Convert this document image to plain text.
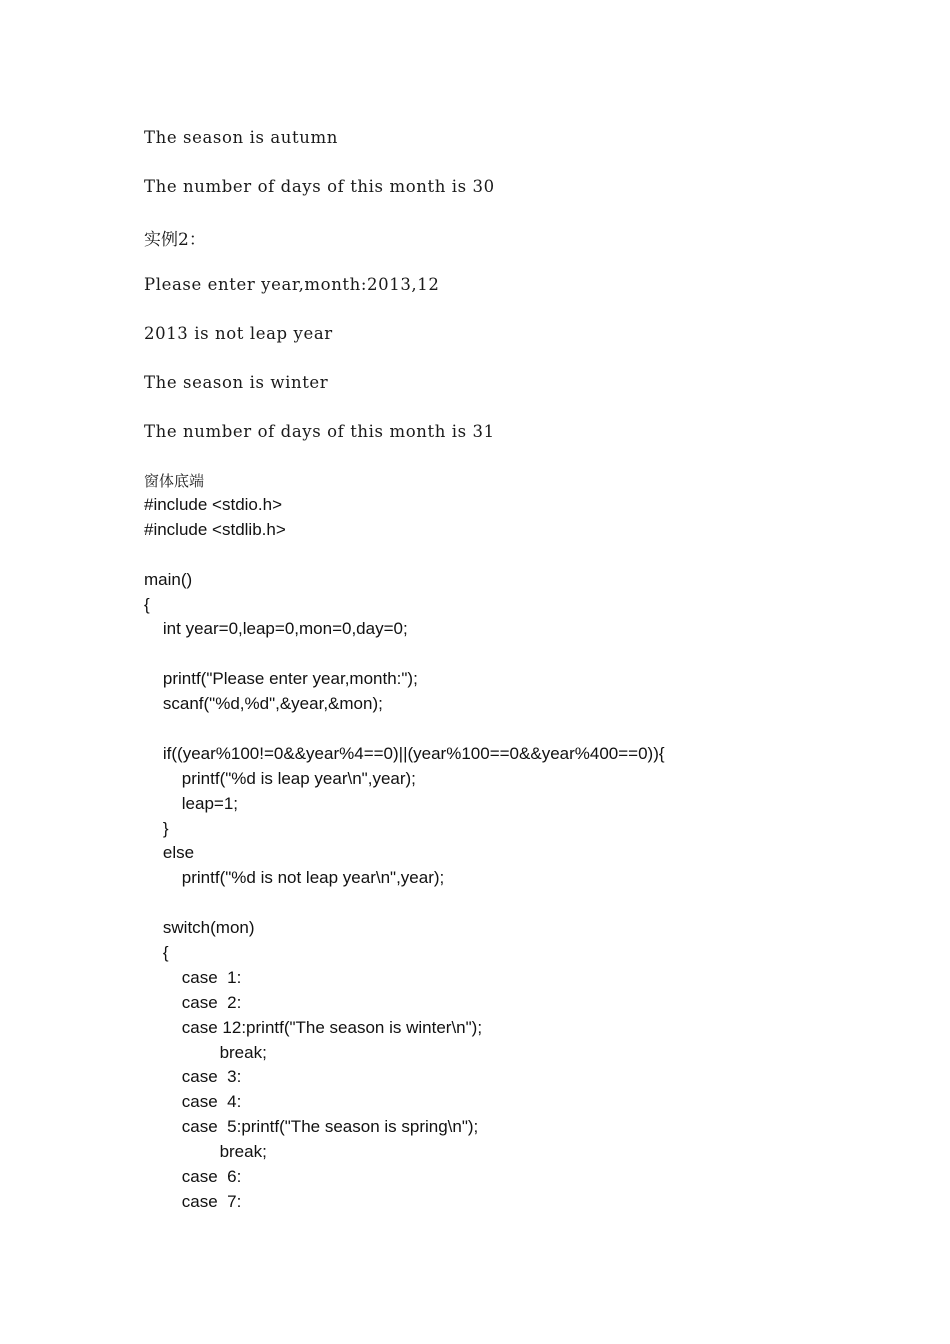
The season is autumn
The number of days of this month is 30
实例2：
Please enter year,month:2013,12
2013 is not leap year
The season is winter
The number of days of this month is 31
窗体底端
#include <stdio.h>
#include <stdlib.h>
main()
{
int year=0,leap=0,mon=0,day=0;
printf("Please enter year,month:");
scanf("%d,%d",&year,&mon);
if((year%100!=0&&year%4==0)||(year%100==0&&year%400==0)){
printf("%d is leap year\n",year);
leap=1;
}
else
printf("%d is not leap year\n",year);
switch(mon)
{
case  1:
case  2:
case 12:printf("The season is winter\n");
break;
case  3:
case  4:
case  5:printf("The season is spring\n");
break;
case  6:
case  7:
